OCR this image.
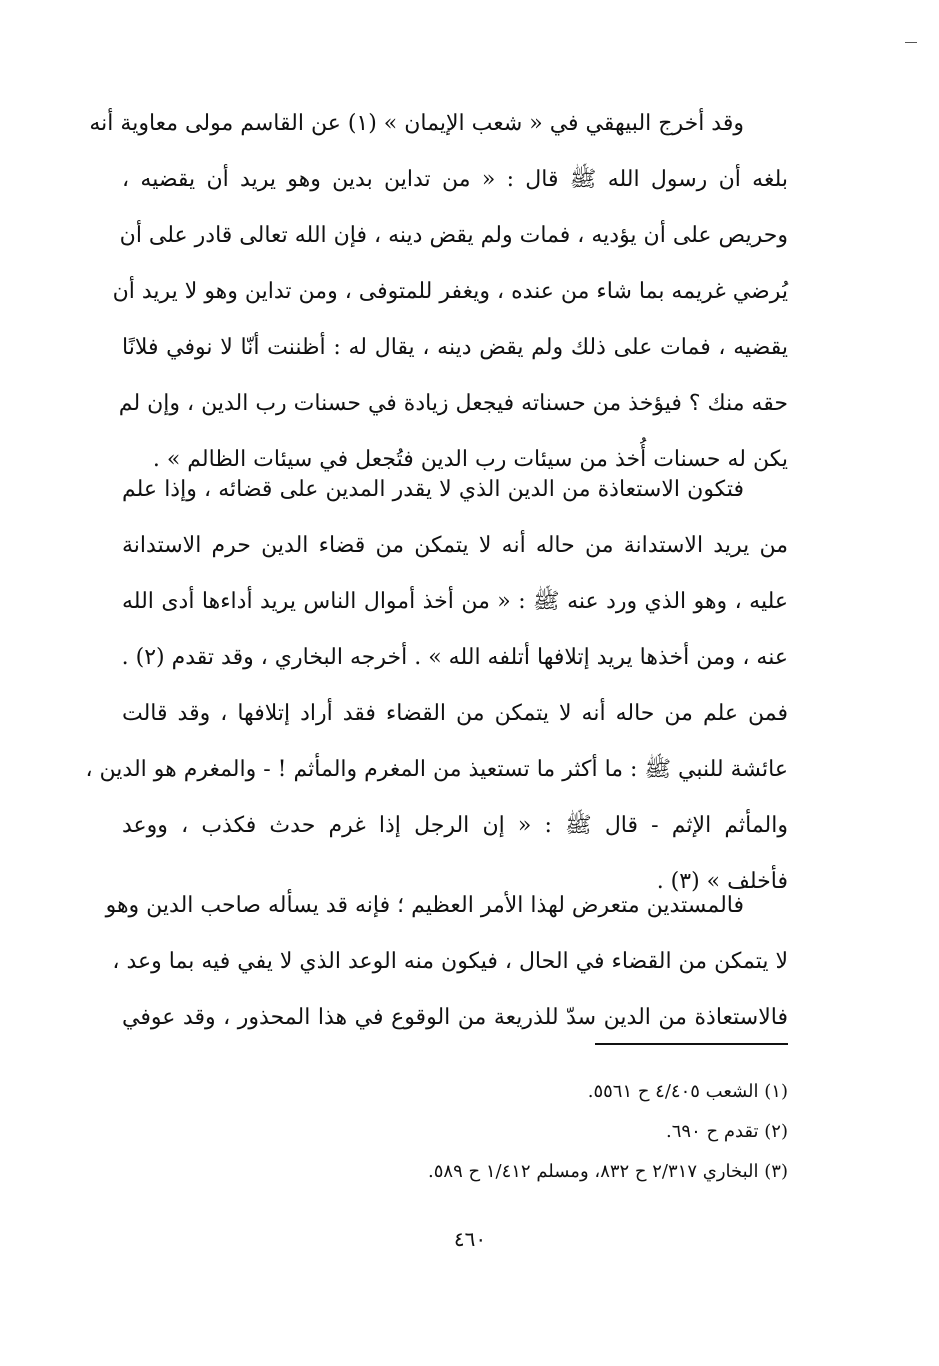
وقد أخرج البيهقي في « شعب الإيمان » (١) عن القاسم مولى معاوية أنه
بلغه أن رسول الله ﷺ قال : « من تداين بدين وهو يريد أن يقضيه ،
وحريص على أن يؤديه ، فمات ولم يقض دينه ، فإن الله تعالى قادر على أن
يُرضي غريمه بما شاء من عنده ، ويغفر للمتوفى ، ومن تداين وهو لا يريد أن
يقضيه ، فمات على ذلك ولم يقض دينه ، يقال له : أظننت أنّا لا نوفي فلانًا
حقه منك ؟ فيؤخذ من حسناته فيجعل زيادة في حسنات رب الدين ، وإن لم
يكن له حسنات أُخذ من سيئات رب الدين فتُجعل في سيئات الظالم » .
فتكون الاستعاذة من الدين الذي لا يقدر المدين على قضائه ، وإذا علم
من يريد الاستدانة من حاله أنه لا يتمكن من قضاء الدين حرم الاستدانة
عليه ، وهو الذي ورد عنه ﷺ : « من أخذ أموال الناس يريد أداءها أدى الله
عنه ، ومن أخذها يريد إتلافها أتلفه الله » . أخرجه البخاري ، وقد تقدم (٢) .
فمن علم من حاله أنه لا يتمكن من القضاء فقد أراد إتلافها ، وقد قالت
عائشة للنبي ﷺ : ما أكثر ما تستعيذ من المغرم والمأثم ! - والمغرم هو الدين ،
والمأثم الإثم - قال ﷺ : « إن الرجل إذا غرم حدث فكذب ، ووعد
فأخلف » (٣) .
فالمستدين متعرض لهذا الأمر العظيم ؛ فإنه قد يسأله صاحب الدين وهو
لا يتمكن من القضاء في الحال ، فيكون منه الوعد الذي لا يفي فيه بما وعد ،
فالاستعاذة من الدين سدّ للذريعة من الوقوع في هذا المحذور ، وقد عوفي
(١) الشعب ٤/٤٠٥ ح ٥٥٦١.
(٢) تقدم ح ٦٩٠.
(٣) البخاري ٢/٣١٧ ح ٨٣٢، ومسلم ١/٤١٢ ح ٥٨٩.
٤٦٠
